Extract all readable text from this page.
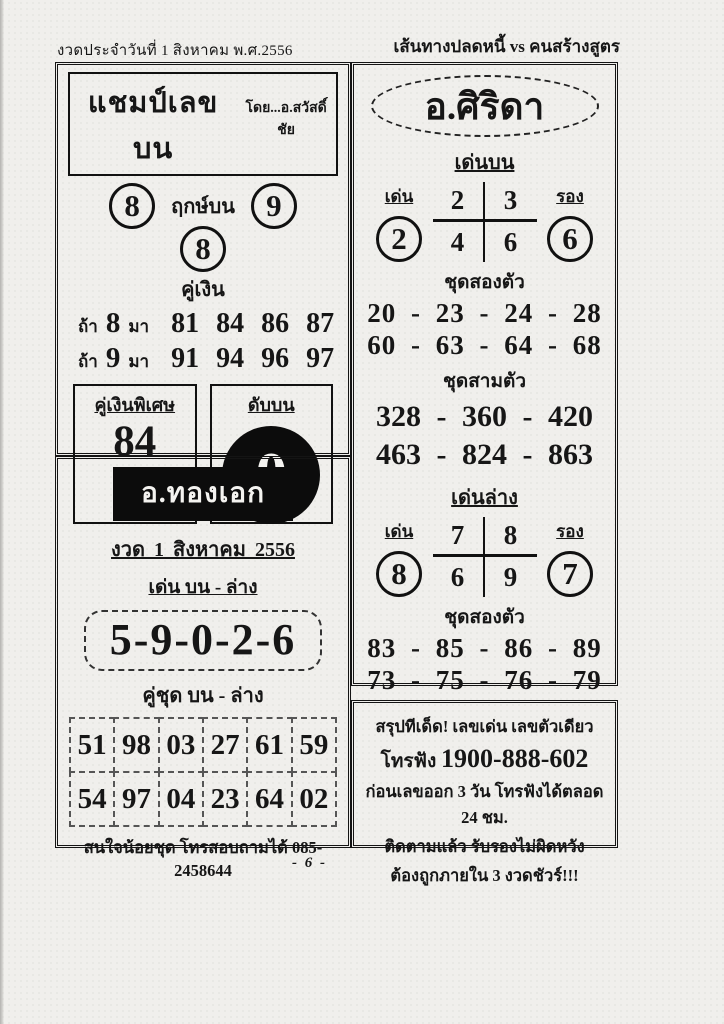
งวดประจำวันที่ 1 สิงหาคม พ.ศ.2556	เส้นทางปลดหนี้ vs คนสร้างสูตร
แชมป์เลขบน
โดย...อ.สวัสดิ์ชัย
8	ฤกษ์บน	9
8
คู่เงิน
ถ้า 8 มา 81 84 86 87
ถ้า 9 มา 91 94 96 97
คู่เงินพิเศษ
84
ดับบน
อ.ทองเอก
งวด 1 สิงหาคม 2556
เด่น บน - ล่าง
5-9-0-2-6
คู่ชุด บน - ล่าง
51 98 03 27 61 59
54 97 04 23 64 02
สนใจน้อยชุด โทรสอบถามได้ 085-2458644
อ.ศิริดา
เด่นบน
เด่น
2
2	3
4	6
รอง
6
ชุดสองตัว
20 - 23 - 24 - 28
60 - 63 - 64 - 68
ชุดสามตัว
328 - 360 - 420
463 - 824 - 863
เด่นล่าง
เด่น
8
7	8
6	9
รอง
7
ชุดสองตัว
83 - 85 - 86 - 89
73 - 75 - 76 - 79
สรุปทีเด็ด! เลขเด่น เลขตัวเดียว
โทรฟัง 1900-888-602
ก่อนเลขออก 3 วัน โทรฟังได้ตลอด 24 ชม.
ติดตามแล้ว รับรองไม่ผิดหวัง
ต้องถูกภายใน 3 งวดชัวร์!!!
- 6 -
